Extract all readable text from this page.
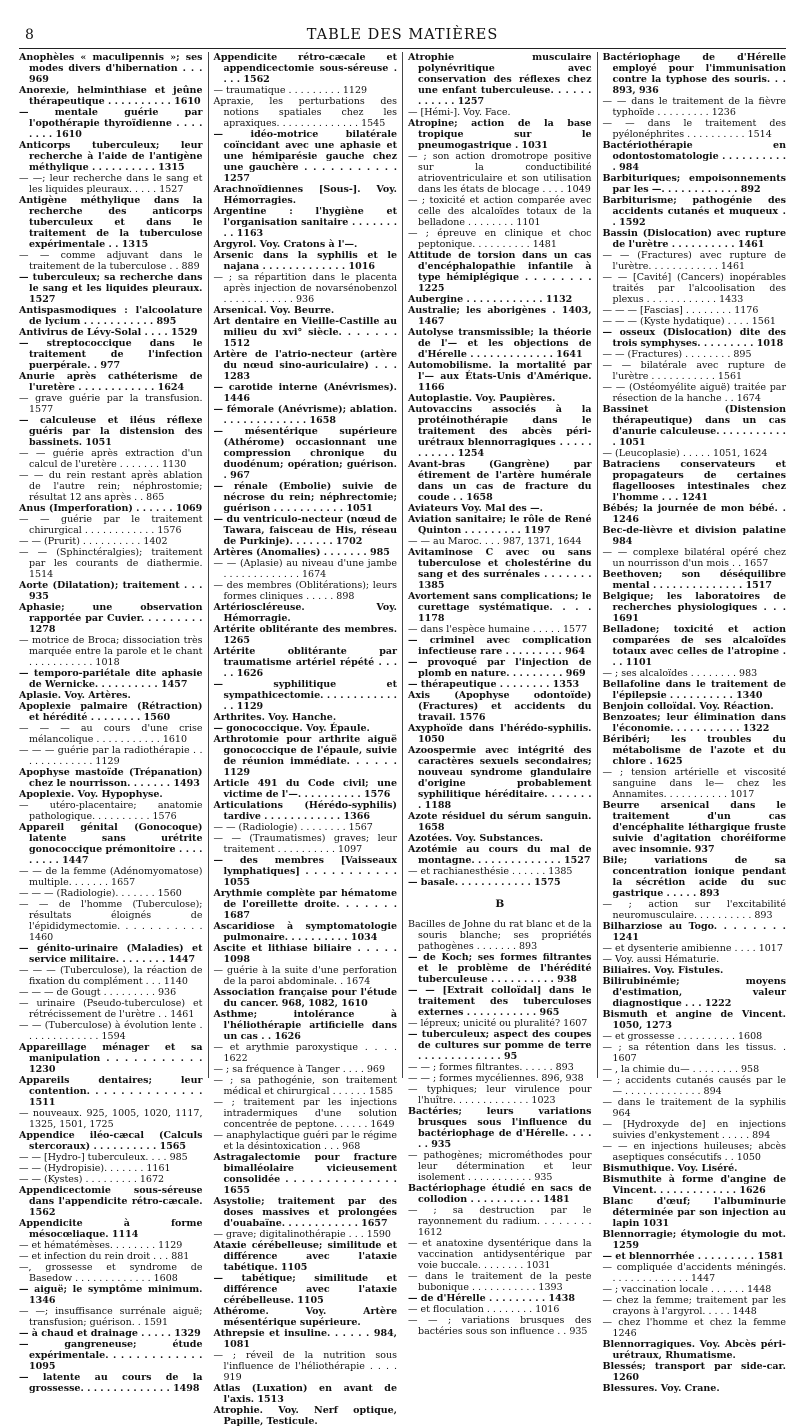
8	TABLE DES MATIÈRES

Anophèles « maculipennis »; ses modes divers d'hibernation . . . 969

Anorexie, helminthiase et jeûne thérapeutique . . . . . . . . . . 1610

— mentale guérie par l'opothérapie thyroïdienne . . . . . . . . 1610

Anticorps tuberculeux; leur recherche à l'aide de l'antigène méthylique . . . . . . . . . . 1315

— —; leur recherche dans le sang et les liquides pleuraux. . . . . 1527

Antigène méthylique dans la recherche des anticorps tuberculeux et dans le traitement de la tuberculose expérimentale . . 1315

— — comme adjuvant dans le traitement de la tuberculose . . 889

— tuberculeux; sa recherche dans le sang et les liquides pleuraux. 1527

Antispasmodiques : l'alcoolature de lycium . . . . . . . . . . . 895

Antivirus de Lévy-Solal . . . . 1529

— streptococcique dans le traitement de l'infection puerpérale. . 977

Anurie après cathéterisme de l'uretère . . . . . . . . . . . . 1624

— grave guérie par la transfusion. 1577

— calculeuse et iléus réflexe guéris par la distension des bassinets. 1051

— — guérie après extraction d'un calcul de l'uretère . . . . . . . 1130

— — du rein restant après ablation de l'autre rein; néphrostomie; résultat 12 ans après . . 865

Anus (Imperforation) . . . . . . 1069

— — guérie par le traitement chirurgical . . . . . . . . . . . . 1576

— — (Prurit) . . . . . . . . . . 1402

— — (Sphinctéralgies); traitement par les courants de diathermie. 1514

Aorte (Dilatation); traitement . . . 935

Aphasie; une observation rapportée par Cuvier. . . . . . . . . 1278

— motrice de Broca; dissociation très marquée entre la parole et le chant . . . . . . . . . . . 1018

— temporo-pariétale dite aphasie de Wernicke. . . . . . . . . . 1457

Aplasie. Voy. Artères.

Apoplexie palmaire (Rétraction) et hérédité . . . . . . . . 1560

— — — au cours d'une crise mélancolique . . . . . . . . . . . 1610

— — — guérie par la radiothérapie . . . . . . . . . . . . . 1129

Apophyse mastoïde (Trépanation) chez le nourrisson. . . . . . . 1493

Apoplexie. Voy. Hypophyse.

— utéro-placentaire; anatomie pathologique. . . . . . . . . . 1576

Appareil génital (Gonocoque) latente sans urétrite gonococcique prémonitoire . . . . . . . . . 1447

— — de la femme (Adénomyomatose) multiple. . . . . . . 1657

— — — (Radiologie). . . . . . . 1560

— — de l'homme (Tuberculose); résultats éloignés de l'épididymectomie. . . . . . . . . . . 1460

— génito-urinaire (Maladies) et service militaire. . . . . . . . 1447

— — — (Tuberculose), la réaction de fixation du complément . . . 1140

— — — de Gougt . . . . . . . . . 936

— urinaire (Pseudo-tuberculose) et rétrécissement de l'urètre . . 1461

— — (Tuberculose) à évolution lente . . . . . . . . . . . . . 1594

Appareillage ménager et sa manipulation . . . . . . . . . . . 1230

Appareils dentaires; leur contention. . . . . . . . . . . . . . 1511

— nouveaux. 925, 1005, 1020, 1117, 1325, 1501, 1725

Appendice iléo-cæcal (Calculs stercoraux) . . . . . . . . . . 1565

— — [Hydro-] tuberculeux. . . . 985

— — (Hydropisie). . . . . . . 1161

— — (Kystes) . . . . . . . . . 1672

Appendicectomie sous-séreuse dans l'appendicite rétro-cæcale. 1562

Appendicite à forme mésocœliaque. 1114

— et hématémèses. . . . . . . . 1129

— et infection du rein droit . . . 881

—, grossesse et syndrome de Basedow . . . . . . . . . . . . . 1608

— aiguë; le symptôme minimum. 1346

— —; insuffisance surrénale aiguë; transfusion; guérison. . 1591

— à chaud et drainage . . . . . 1329

— gangreneuse; étude expérimentale. . . . . . . . . . . . . 1095

— latente au cours de la grossesse. . . . . . . . . . . . . . 1498

Appendicite rétro-cæcale et appendicectomie sous-séreuse . . . . 1562

— traumatique . . . . . . . . . 1129

Apraxie, les perturbations des notions spatiales chez les apraxiques. . . . . . . . . . . . . . 1545

— idéo-motrice bilatérale coïncidant avec une aphasie et une hémiparésie gauche chez une gauchère . . . . . . . . . . . 1257

Arachnoïdiennes [Sous-]. Voy. Hémorragies.

Argentine : l'hygiène et l'organisation sanitaire . . . . . . . . . 1163

Argyrol. Voy. Cratons à l'—.

Arsenic dans la syphilis et le najana . . . . . . . . . . . . . 1016

— ; sa répartition dans le placenta après injection de novarsénobenzol . . . . . . . . . . . . 936

Arsenical. Voy. Beurre.

Art dentaire en Vieille-Castille au milieu du xvi° siècle. . . . . . . 1512

Artère de l'atrio-necteur (artère du nœud sino-auriculaire) . . . 1283

— carotide interne (Anévrismes). 1446

— fémorale (Anévrisme); ablation. . . . . . . . . . . . . . 1658

— mésentérique supérieure (Athérome) occasionnant une compression chronique du duodénum; opération; guérison. . 967

— rénale (Embolie) suivie de nécrose du rein; néphrectomie; guérison . . . . . . . . . . . 1051

— du ventriculo-necteur (nœud de Tawara, faisceau de His, réseau de Purkinje). . . . . . . 1702

Artères (Anomalies) . . . . . . . 985

— — (Aplasie) au niveau d'une jambe . . . . . . . . . . . . . 1674

— des membres (Oblitérations); leurs formes cliniques . . . . . 898

Artérioscléreuse. Voy. Hémorragie.

Artérite oblitérante des membres. 1265

Artérite oblitérante par traumatisme artériel répété . . . . . 1626

— syphilitique et sympathicectomie. . . . . . . . . . . . . . 1129

Arthrites. Voy. Hanche.

— gonococcique. Voy. Épaule.

Arthrotomie pour arthrite aiguë gonococcique de l'épaule, suivie de réunion immédiate. . . . . . 1129

Article 491 du Code civil; une victime de l'—. . . . . . . . . . 1576

Articulations (Hérédo-syphilis) tardive . . . . . . . . . . . . 1366

— — (Radiologie) . . . . . . . . 1567

— — (Traumatismes) graves; leur traitement . . . . . . . . . . 1097

— des membres [Vaisseaux lymphatiques] . . . . . . . . . . . 1055

Arythmie complète par hématome de l'oreillette droite. . . . . . . 1687

Ascaridiose à symptomatologie pulmonaire. . . . . . . . . . 1034

Ascite et lithiase biliaire . . . . . 1098

— guérie à la suite d'une perforation de la paroi abdominale. . 1674

Association française pour l'étude du cancer. 968, 1082, 1610

Asthme; intolérance à l'héliothérapie artificielle dans un cas . . 1626

— et arythmie paroxystique . . . . 1622

— ; sa fréquence à Tanger . . . . 969

— ; sa pathogénie, son traitement médical et chirurgical . . . . . . 1585

— ; traitement par les injections intradermiques d'une solution concentrée de peptone. . . . . . 1649

— anaphylactique guéri par le régime et la désintoxication . . . 968

Astragalectomie pour fracture bimalléolaire vicieusement consolidée . . . . . . . . . . . . . . 1655

Asystolie; traitement par des doses massives et prolongées d'ouabaïne. . . . . . . . . . . . 1657

— grave; digitalinothérapie . . . 1590

Ataxie cérébelleuse; similitude et différence avec l'ataxie tabétique. 1105

— tabétique; similitude et différence avec l'ataxie cérébelleuse. 1105

Athérome. Voy. Artère mésentérique supérieure.

Athrepsie et insuline. . . . . . 984, 1081

— ; réveil de la nutrition sous l'influence de l'héliothérapie . . . . 919

Atlas (Luxation) en avant de l'axis. 1513

Atrophie. Voy. Nerf optique, Papille, Testicule.

Atrophie musculaire polynévritique avec conservation des réflexes chez une enfant tuberculeuse. . . . . . . . . . . . 1257

— [Hémi-]. Voy. Face.

Atropine; action de la base tropique sur le pneumogastrique . 1031

— ; son action dromotrope positive sur la conductibilité atrioventriculaire et son utilisation dans les états de blocage . . . . 1049

— ; toxicité et action comparée avec celle des alcaloïdes totaux de la belladone . . . . . . . . 1101

— ; épreuve en clinique et choc peptonique. . . . . . . . . . 1481

Attitude de torsion dans un cas d'encéphalopathie infantile à type hémiplégique . . . . . . . . 1225

Aubergine . . . . . . . . . . . . 1132

Australie; les aborigènes . 1403, 1467

Autolyse transmissible; la théorie de l'— et les objections de d'Hérelle . . . . . . . . . . . . . 1641

Automobilisme. la mortalité par l'— aux États-Unis d'Amérique. 1166

Autoplastie. Voy. Paupières.

Autovaccins associés à la protéinothérapie dans le traitement des abcès péri-urétraux blennorragiques . . . . . . . . . . . 1254

Avant-bras (Gangrène) par étirement de l'artère humérale dans un cas de fracture du coude . . 1658

Aviateurs Voy. Mal des —.

Aviation sanitaire; le rôle de René Quinton . . . . . . . . . 1197

— — au Maroc. . . . 987, 1371, 1644

Avitaminose C avec ou sans tuberculose et cholestérine du sang et des surrénales . . . . . . . 1385

Avortement sans complications; le curettage systématique. . . . 1178

— dans l'espèce humaine . . . . . 1577

— criminel avec complication infectieuse rare . . . . . . . . . 964

— provoqué par l'injection de plomb en nature. . . . . . . . . 969

— thérapeutique . . . . . . . . 1353

Axis (Apophyse odontoïde) (Fractures) et accidents du travail. 1576

Axyphoïde dans l'hérédo-syphilis. 1050

Azoospermie avec intégrité des caractères sexuels secondaires; nouveau syndrome glandulaire d'origine probablement syphilitique héréditaire. . . . . . . . 1188

Azote résiduel du sérum sanguin. 1658

Azotées. Voy. Substances.

Azotémie au cours du mal de montagne. . . . . . . . . . . . . . 1527

— et rachianesthésie . . . . . . 1385

— basale. . . . . . . . . . . . 1575

B

Bacilles de Johne du rat blanc et de la souris blanche; ses propriétés pathogènes . . . . . . . 893

— de Koch; ses formes filtrantes et le problème de l'hérédité tuberculeuse . . . . . . . . . . 938

— — [Extrait colloïdal] dans le traitement des tuberculoses externes . . . . . . . . . . . 965

— lépreux; unicité ou pluralité? 1607

— tuberculeux; aspect des coupes de cultures sur pomme de terre . . . . . . . . . . . . . 95

— — ; formes filtrantes. . . . . . 893

— — ; formes mycéliennes. 896, 938

— typhiques; leur virulence pour l'huître. . . . . . . . . . . . . 1023

Bactéries; leurs variations brusques sous l'influence du bactériophage de d'Hérelle. . . . . . 935

— pathogènes; microméthodes pour leur détermination et leur isolement . . . . . . . . . . . 935

Bactériophage étudié en sacs de collodion . . . . . . . . . . . 1481

— ; sa destruction par le rayonnement du radium. . . . . . . . 1612

— et anatoxine dysentérique dans la vaccination antidysentérique par voie buccale. . . . . . . . 1031

— dans le traitement de la peste bubonique . . . . . . . . . . . 1393

— de d'Hérelle . . . . . . . . . 1438

— et floculation . . . . . . . . 1016

— — ; variations brusques des bactéries sous son influence . . 935

Bactériophage de d'Hérelle employé pour l'immunisation contre la typhose des souris. . . 893, 936

— — dans le traitement de la fièvre typhoïde . . . . . . . . . 1236

— — dans le traitement des pyélonéphrites . . . . . . . . . . 1514

Bactériothérapie en odontostomatologie . . . . . . . . . . . 984

Barbituriques; empoisonnements par les —. . . . . . . . . . . . 892

Barbiturisme; pathogénie des accidents cutanés et muqueux . . 1592

Bassin (Dislocation) avec rupture de l'urètre . . . . . . . . . . 1461

— — (Fractures) avec rupture de l'urètre. . . . . . . . . . . . 1461

— — [Cavité] (Cancers) inopérables traités par l'alcoolisation des plexus . . . . . . . . . . . . 1433

— — — [Fascias] . . . . . . . . 1176

— — — (Kyste hydatique) . . . . 1561

— osseux (Dislocation) dite des trois symphyses. . . . . . . . . 1018

— — (Fractures) . . . . . . . . 895

— — bilatérale avec rupture de l'urètre . . . . . . . . . . . 1561

— — (Ostéomyélite aiguë) traitée par résection de la hanche . . 1674

Bassinet (Distension thérapeutique) dans un cas d'anurie calculeuse. . . . . . . . . . . . 1051

— (Leucoplasie) . . . . . 1051, 1624

Batraciens conservateurs et propagateurs de certaines flagellooses intestinales chez l'homme . . . 1241

Bébés; la journée de mon bébé. . 1246

Bec-de-lièvre et division palatine 984

— — complexe bilatéral opéré chez un nourrisson d'un mois . . 1657

Beethoven; son déséquilibre mental . . . . . . . . . . . . . . 1517

Belgique; les laboratoires de recherches physiologiques . . . 1691

Belladone; toxicité et action comparées de ses alcaloïdes totaux avec celles de l'atropine . . . 1101

— ; ses alcaloïdes . . . . . . . . 983

Bellafoline dans le traitement de l'épilepsie . . . . . . . . . . 1340

Benjoin colloïdal. Voy. Réaction.

Benzoates; leur élimination dans l'économie. . . . . . . . . . . 1322

Béribéri; les troubles du métabolisme de l'azote et du chlore . 1625

— ; tension artérielle et viscosité sanguine dans le— chez les Annamites. . . . . . . . . . . 1017

Beurre arsenical dans le traitement d'un cas d'encéphalite léthargique fruste suivie d'agitation choréiforme avec insomnie. 937

Bile; variations de sa concentration ionique pendant la sécrétion acide du suc gastrique . . . . . 893

— ; action sur l'excitabilité neuromusculaire. . . . . . . . . . 893

Bilharziose au Togo. . . . . . . . 1241

— et dysenterie amibienne . . . . 1017

— Voy. aussi Hématurie.

Biliaires. Voy. Fistules.

Bilirubinémie; moyens d'estimation, valeur diagnostique . . . 1222

Bismuth et angine de Vincent. 1050, 1273

— et grossesse . . . . . . . . . . 1608

— ; sa rétention dans les tissus. . 1607

— , la chimie du— . . . . . . . . 958

— ; accidents cutanés causés par le — . . . . . . . . . . . . . 894

— dans le traitement de la syphilis 964

— [Hydroxyde de] en injections suivies d'enkystement . . . . . 894

— — en injections huileuses; abcès aseptiques consécutifs . . 1050

Bismuthique. Voy. Liséré.

Bismuthite à forme d'angine de Vincent. . . . . . . . . . . . . 1626

Blanc d'œuf; l'albuminurie déterminée par son injection au lapin 1031

Blennorragie; étymologie du mot. 1259

— et blennorrhée . . . . . . . . . 1581

— compliquée d'accidents méningés. . . . . . . . . . . . . . 1447

— ; vaccination locale . . . . . . 1448

— chez la femme; traitement par les crayons à l'argyrol. . . . . 1448

— chez l'homme et chez la femme 1246

Blennorragiques. Voy. Abcès péri-urétraux, Rhumatisme.

Blessés; transport par side-car. 1260

Blessures. Voy. Crane.
